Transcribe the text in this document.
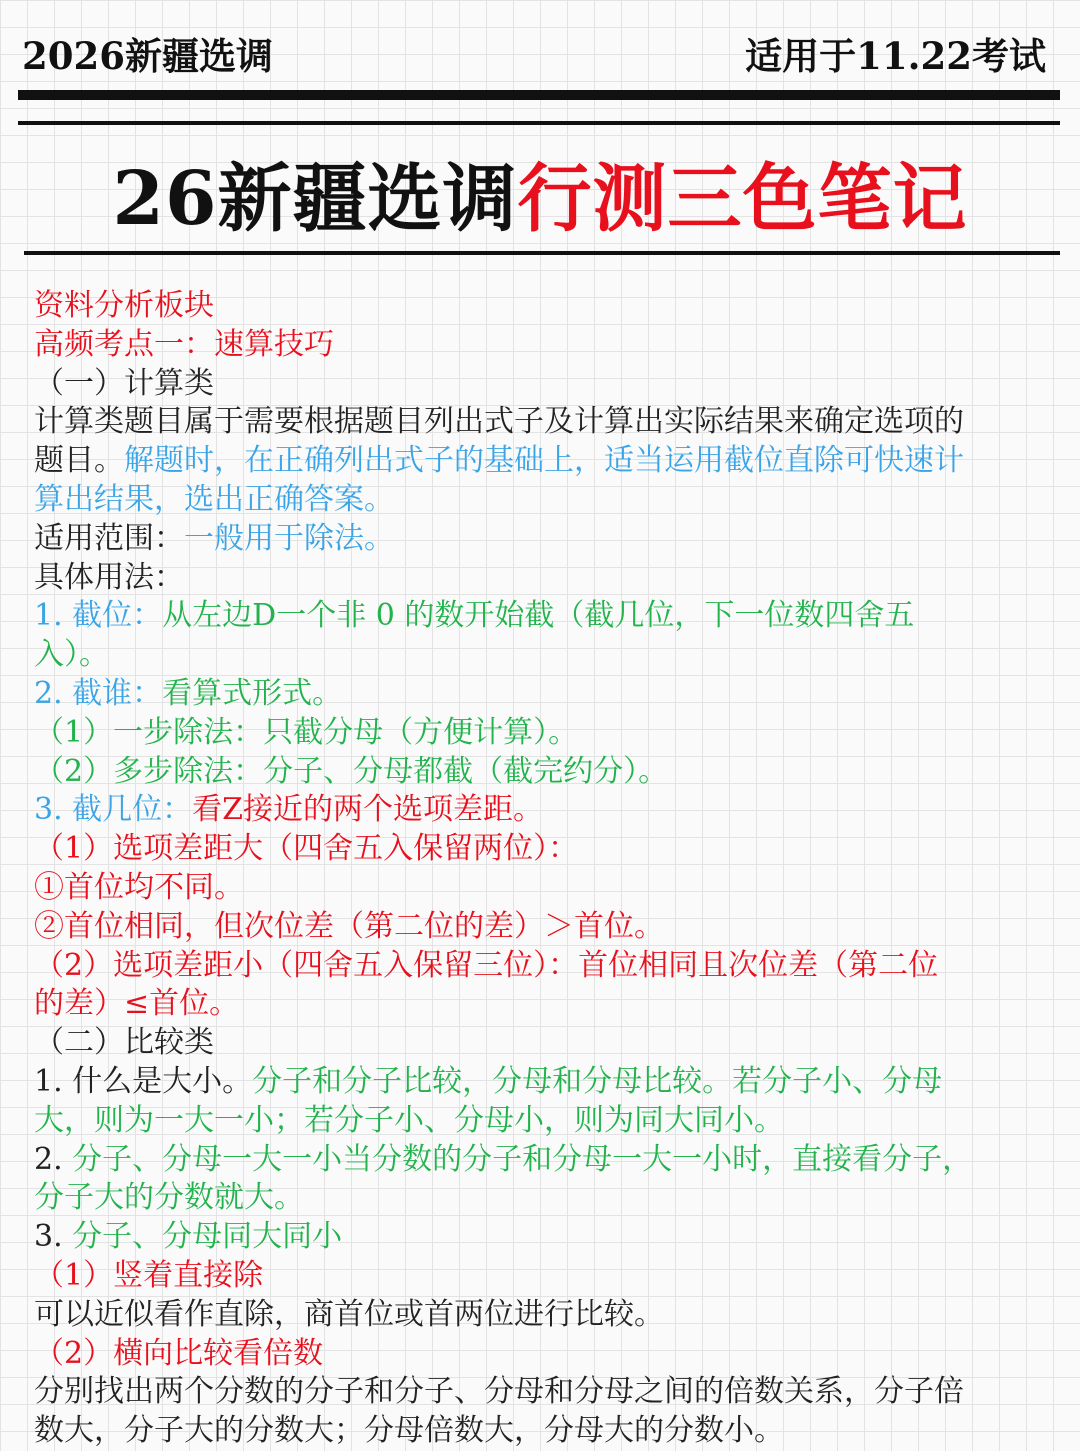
2026新疆选调	适用于11.22考试
26新疆选调行测三色笔记
资料分析板块
高频考点一：速算技巧
（一）计算类
计算类题目属于需要根据题目列出式子及计算出实际结果来确定选项的
题目。解题时，在正确列出式子的基础上，适当运用截位直除可快速计
算出结果，选出正确答案。
适用范围：一般用于除法。
具体用法：
1. 截位：从左边D一个非 0 的数开始截（截几位，下一位数四舍五
入）。
2. 截谁：看算式形式。
（1）一步除法：只截分母（方便计算）。
（2）多步除法：分子、分母都截（截完约分）。
3. 截几位：看Z接近的两个选项差距。
（1）选项差距大（四舍五入保留两位）：
①首位均不同。
②首位相同，但次位差（第二位的差）＞首位。
（2）选项差距小（四舍五入保留三位）：首位相同且次位差（第二位
的差）≤首位。
（二）比较类
1. 什么是大小。分子和分子比较，分母和分母比较。若分子小、分母
大，则为一大一小；若分子小、分母小，则为同大同小。
2. 分子、分母一大一小当分数的分子和分母一大一小时，直接看分子，
分子大的分数就大。
3. 分子、分母同大同小
（1）竖着直接除
可以近似看作直除，商首位或首两位进行比较。
（2）横向比较看倍数
分别找出两个分数的分子和分子、分母和分母之间的倍数关系，分子倍
数大，分子大的分数大；分母倍数大，分母大的分数小。
